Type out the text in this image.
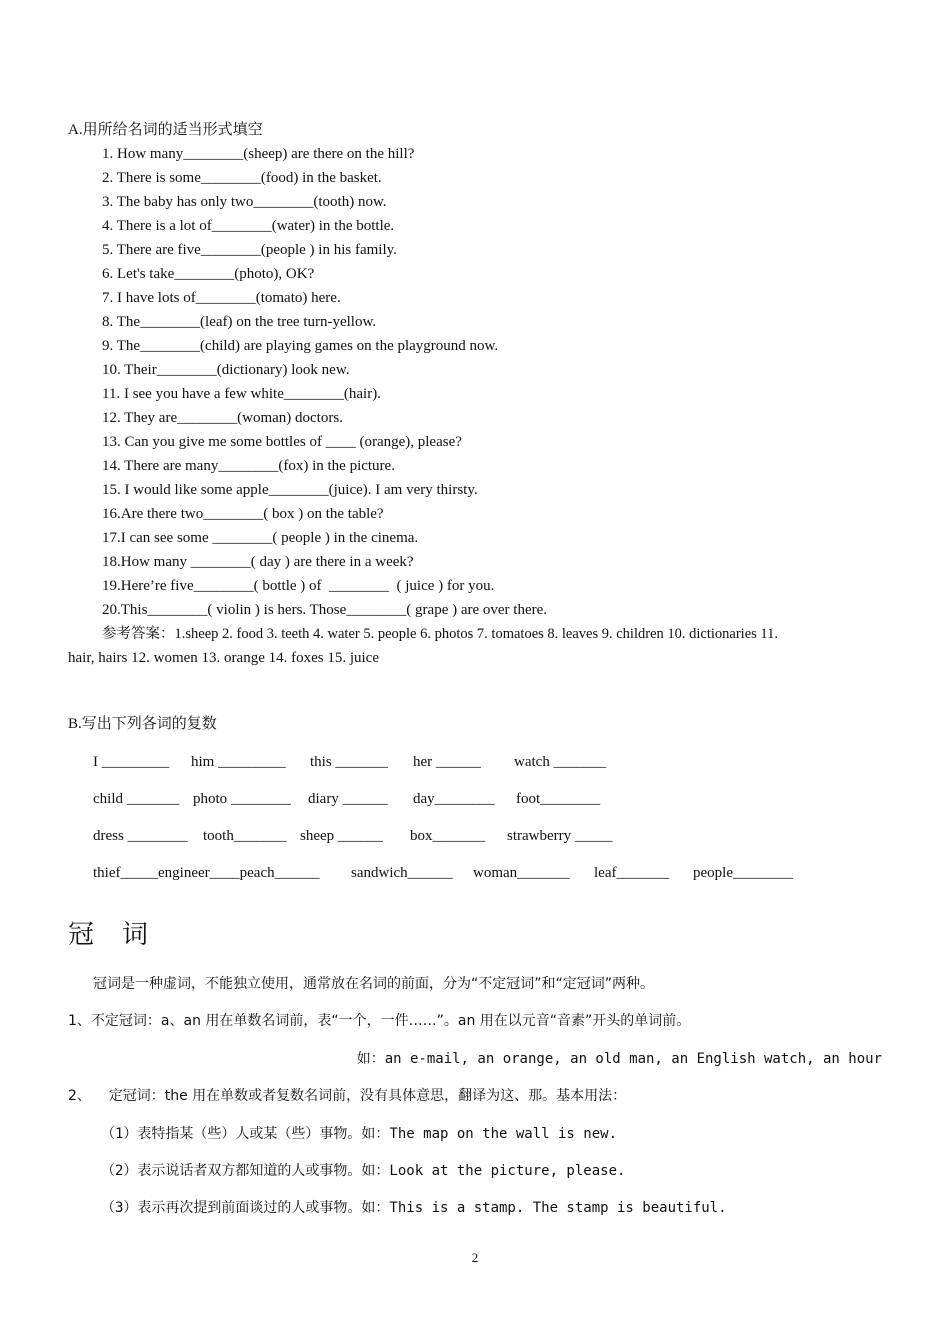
A.用所给名词的适当形式填空
1. How many________(sheep) are there on the hill?
2. There is some________(food) in the basket.
3. The baby has only two________(tooth) now.
4. There is a lot of________(water) in the bottle.
5. There are five________(people ) in his family.
6. Let's take________(photo), OK?
7. I have lots of________(tomato) here.
8. The________(leaf) on the tree turn-yellow.
9. The________(child) are playing games on the playground now.
10. Their________(dictionary) look new.
11. I see you have a few white________(hair).
12. They are________(woman) doctors.
13. Can you give me some bottles of ____ (orange), please?
14. There are many________(fox) in the picture.
15. I would like some apple________(juice). I am very thirsty.
16.Are there two________( box ) on the table?
17.I can see some ________( people ) in the cinema.
18.How many ________( day ) are there in a week?
19.Here’re five________( bottle ) of  ________  ( juice ) for you.
20.This________( violin ) is hers. Those________( grape ) are over there.
参考答案：1.sheep 2. food 3. teeth 4. water 5. people 6. photos 7. tomatoes 8. leaves 9. children 10. dictionaries 11.
hair, hairs 12. women 13. orange 14. foxes 15. juice
B.写出下列各词的复数
I _________ him _________ this _______ her ______ watch _______
child _______ photo ________ diary ______ day________ foot________
dress ________ tooth_______ sheep ______ box_______ strawberry _____
thief_____engineer____peach______ sandwich______ woman_______ leaf_______ people________
冠词
冠词是一种虚词，不能独立使用，通常放在名词的前面，分为“不定冠词”和“定冠词”两种。
1、不定冠词：a、an 用在单数名词前，表“一个，一件……”。an 用在以元音“音素”开头的单词前。
如：an e-mail, an orange, an old man, an English watch, an hour
2、    定冠词：the 用在单数或者复数名词前，没有具体意思，翻译为这、那。基本用法：
（1）表特指某（些）人或某（些）事物。如：The map on the wall is new.
（2）表示说话者双方都知道的人或事物。如：Look at the picture, please.
（3）表示再次提到前面谈过的人或事物。如：This is a stamp. The stamp is beautiful.
2
